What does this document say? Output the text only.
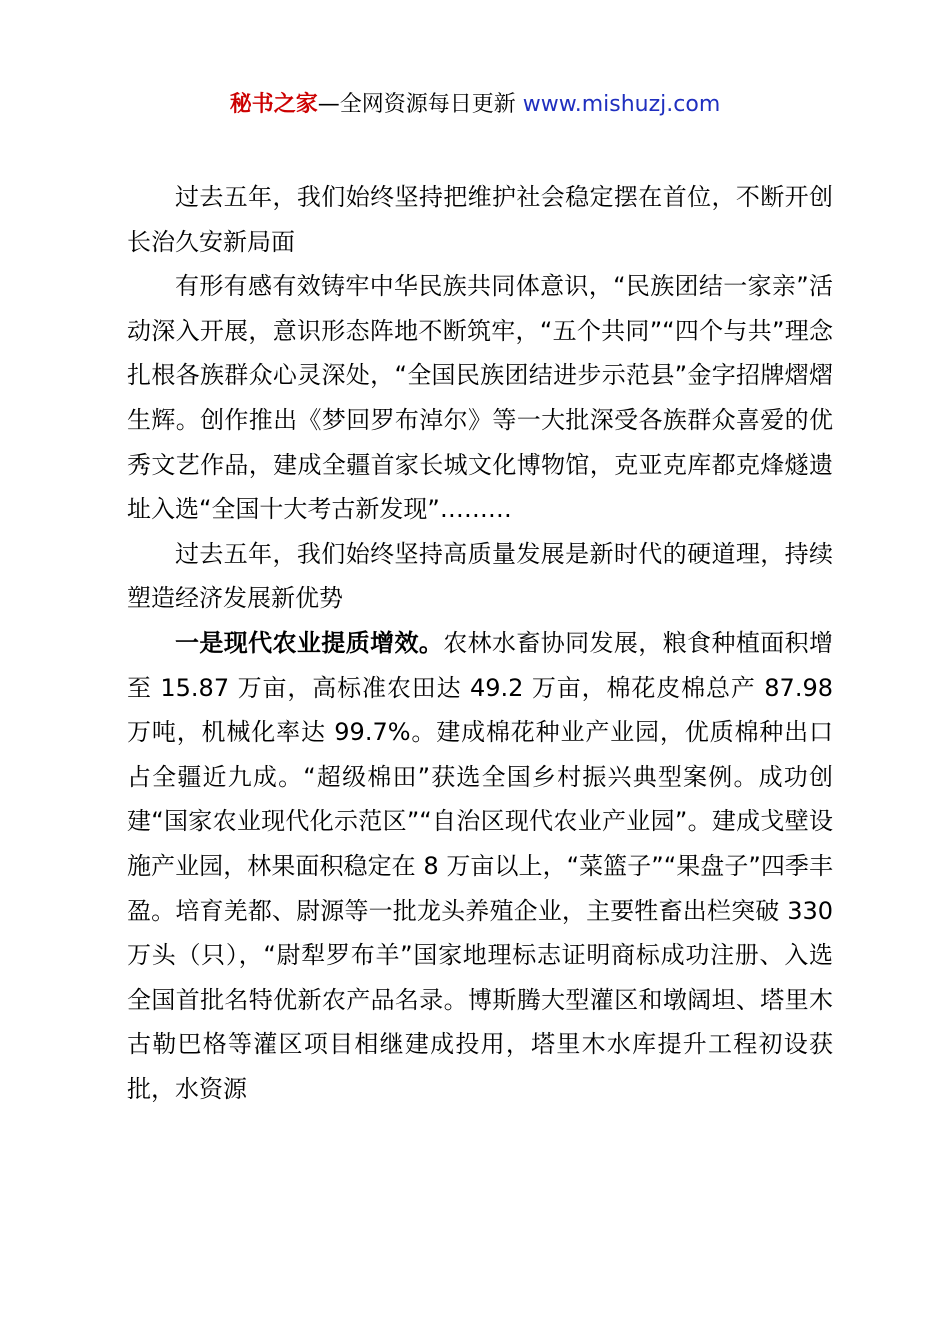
秘书之家—全网资源每日更新 www.mishuzj.com

过去五年，我们始终坚持把维护社会稳定摆在首位，不断开创长治久安新局面

有形有感有效铸牢中华民族共同体意识，“民族团结一家亲”活动深入开展，意识形态阵地不断筑牢，“五个共同”“四个与共”理念扎根各族群众心灵深处，“全国民族团结进步示范县”金字招牌熠熠生辉。创作推出《梦回罗布淖尔》等一大批深受各族群众喜爱的优秀文艺作品，建成全疆首家长城文化博物馆，克亚克库都克烽燧遗址入选“全国十大考古新发现”………

过去五年，我们始终坚持高质量发展是新时代的硬道理，持续塑造经济发展新优势

一是现代农业提质增效。农林水畜协同发展，粮食种植面积增至 15.87 万亩，高标准农田达 49.2 万亩，棉花皮棉总产 87.98 万吨，机械化率达 99.7%。建成棉花种业产业园，优质棉种出口占全疆近九成。“超级棉田”获选全国乡村振兴典型案例。成功创建“国家农业现代化示范区”“自治区现代农业产业园”。建成戈壁设施产业园，林果面积稳定在 8 万亩以上，“菜篮子”“果盘子”四季丰盈。培育羌都、尉源等一批龙头养殖企业，主要牲畜出栏突破 330 万头（只），“尉犁罗布羊”国家地理标志证明商标成功注册、入选全国首批名特优新农产品名录。博斯腾大型灌区和墩阔坦、塔里木古勒巴格等灌区项目相继建成投用，塔里木水库提升工程初设获批，水资源
